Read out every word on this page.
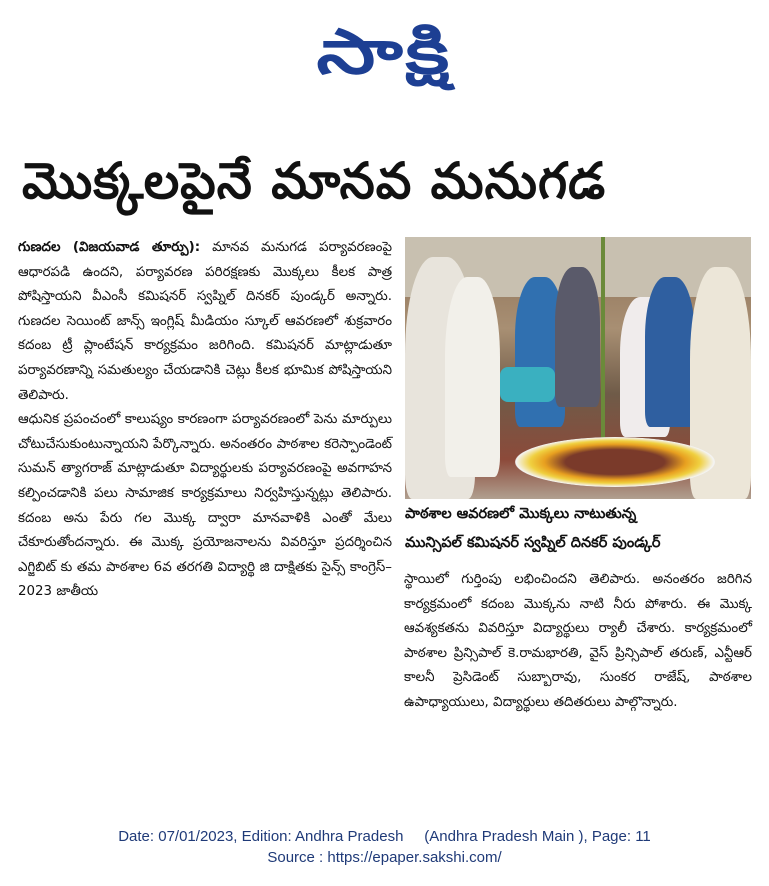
సాక్షి
మొక్కలపైనే మానవ మనుగడ
గుణదల (విజయవాడ తూర్పు): మానవ మనుగడ పర్యావరణంపై ఆధారపడి ఉందని, పర్యావరణ పరిరక్షణకు మొక్కలు కీలక పాత్ర పోషిస్తాయని వీఎంసీ కమిషనర్ స్వప్నిల్ దినకర్ పుండ్కర్ అన్నారు. గుణదల సెయింట్ జాన్స్ ఇంగ్లిష్ మీడియం స్కూల్ ఆవరణలో శుక్రవారం కదంబ ట్రీ ప్లాంటేషన్ కార్యక్రమం జరిగింది. కమిషనర్ మాట్లాడుతూ పర్యావరణాన్ని సమతుల్యం చేయడానికి చెట్లు కీలక భూమిక పోషిస్తాయని తెలిపారు.
ఆధునిక ప్రపంచంలో కాలుష్యం కారణంగా పర్యావరణంలో పెను మార్పులు చోటుచేసుకుంటున్నాయని పేర్కొన్నారు. అనంతరం పాఠశాల కరెస్పాండెంట్ సుమన్ త్యాగరాజ్ మాట్లాడుతూ విద్యార్థులకు పర్యావరణంపై అవగాహన కల్పించడానికి పలు సామాజిక కార్యక్రమాలు నిర్వహిస్తున్నట్లు తెలిపారు. కదంబ అను పేరు గల మొక్క ద్వారా మానవాళికి ఎంతో మేలు చేకూరుతోందన్నారు. ఈ మొక్క ప్రయోజనాలను వివరిస్తూ ప్రదర్శించిన ఎగ్జిబిట్ కు తమ పాఠశాల 6వ తరగతి విద్యార్థి జి దాక్షితకు సైన్స్ కాంగ్రెస్–2023 జాతీయ
పాఠశాల ఆవరణలో మొక్కలు నాటుతున్న
మున్సిపల్ కమిషనర్ స్వప్నిల్ దినకర్ పుండ్కర్
స్థాయిలో గుర్తింపు లభించిందని తెలిపారు. అనంతరం జరిగిన కార్యక్రమంలో కదంబ మొక్కను నాటి నీరు పోశారు. ఈ మొక్క ఆవశ్యకతను వివరిస్తూ విద్యార్థులు ర్యాలీ చేశారు. కార్యక్రమంలో పాఠశాల ప్రిన్సిపాల్ కె.రామభారతి, వైస్ ప్రిన్సిపాల్ తరుణ్, ఎన్టీఆర్ కాలనీ ప్రెసిడెంట్ సుబ్బారావు, సుంకర రాజేష్, పాఠశాల ఉపాధ్యాయులు, విద్యార్థులు తదితరులు పాల్గొన్నారు.
Date: 07/01/2023, Edition: Andhra Pradesh     (Andhra Pradesh Main ), Page: 11
Source : https://epaper.sakshi.com/
